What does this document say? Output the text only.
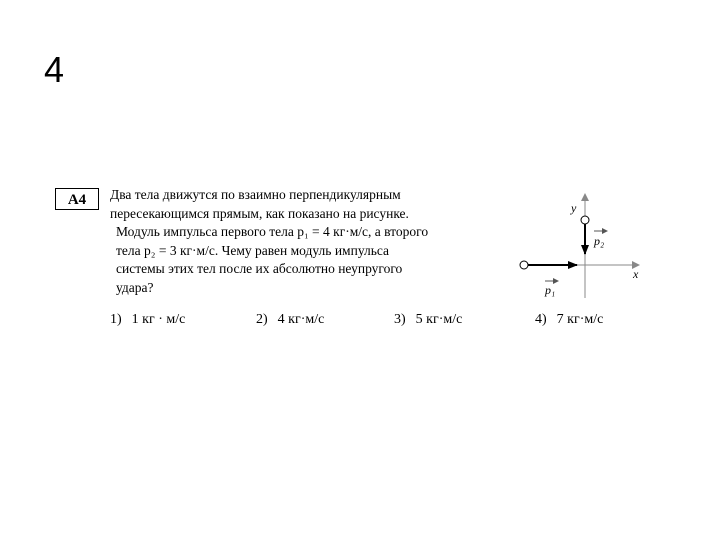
4
A4	Два тела движутся по взаимно перпендикулярным
пересекающимся прямым, как показано на рисунке.
Модуль импульса первого тела p₁ = 4 кг·м/с, а второго
тела p₂ = 3 кг·м/с. Чему равен модуль импульса
системы этих тел после их абсолютно неупругого
удара?
1) 1 кг · м/с	2) 4 кг·м/с	3) 5 кг·м/с	4) 7 кг·м/с
y
x
p₂
p₁
